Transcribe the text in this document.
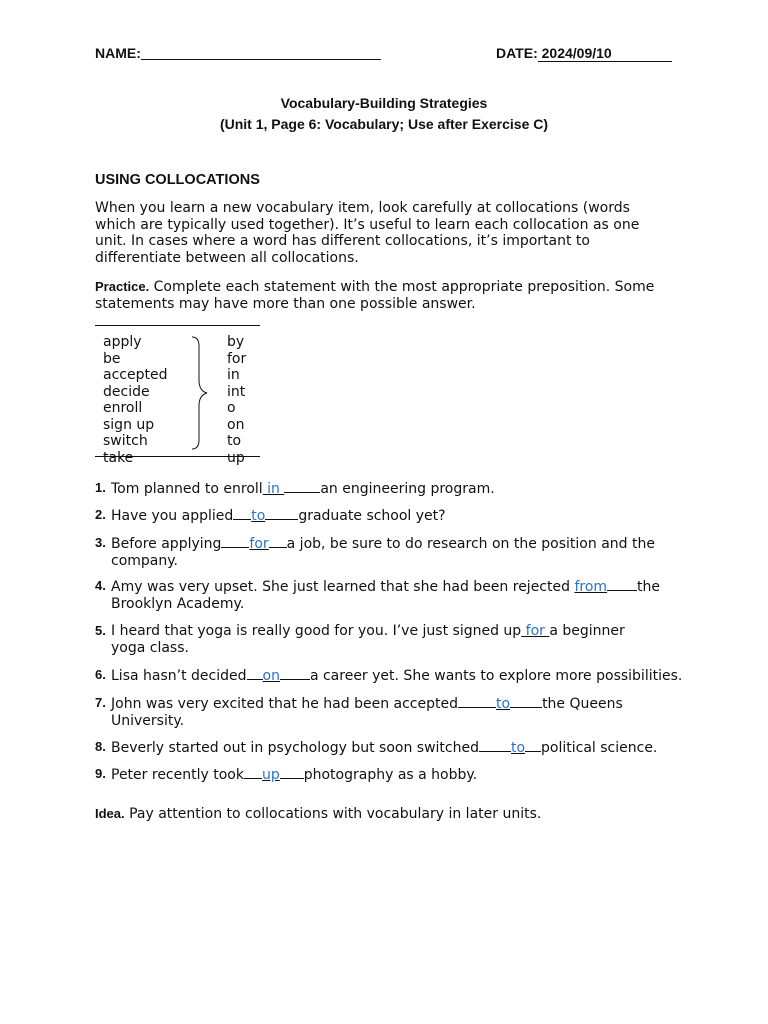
NAME:	DATE: 2024/09/10
Vocabulary-Building Strategies
(Unit 1, Page 6: Vocabulary; Use after Exercise C)
USING COLLOCATIONS
When you learn a new vocabulary item, look carefully at collocations (words which are typically used together). It’s useful to learn each collocation as one unit. In cases where a word has different collocations, it’s important to differentiate between all collocations.
Practice. Complete each statement with the most appropriate preposition. Some statements may have more than one possible answer.
apply
be
accepted
decide
enroll
sign up
switch
take
by
for
in
int
o
on
to
up
1. Tom planned to enroll in	an engineering program.
2. Have you applied to graduate school yet?
3. Before applying for a job, be sure to do research on the position and the company.
4. Amy was very upset. She just learned that she had been rejected from the Brooklyn Academy.
5. I heard that yoga is really good for you. I’ve just signed up for a beginner yoga class.
6. Lisa hasn’t decided on a career yet. She wants to explore more possibilities.
7. John was very excited that he had been accepted	to the Queens University.
8. Beverly started out in psychology but soon switched to political science.
9. Peter recently took up photography as a hobby.
Idea. Pay attention to collocations with vocabulary in later units.
